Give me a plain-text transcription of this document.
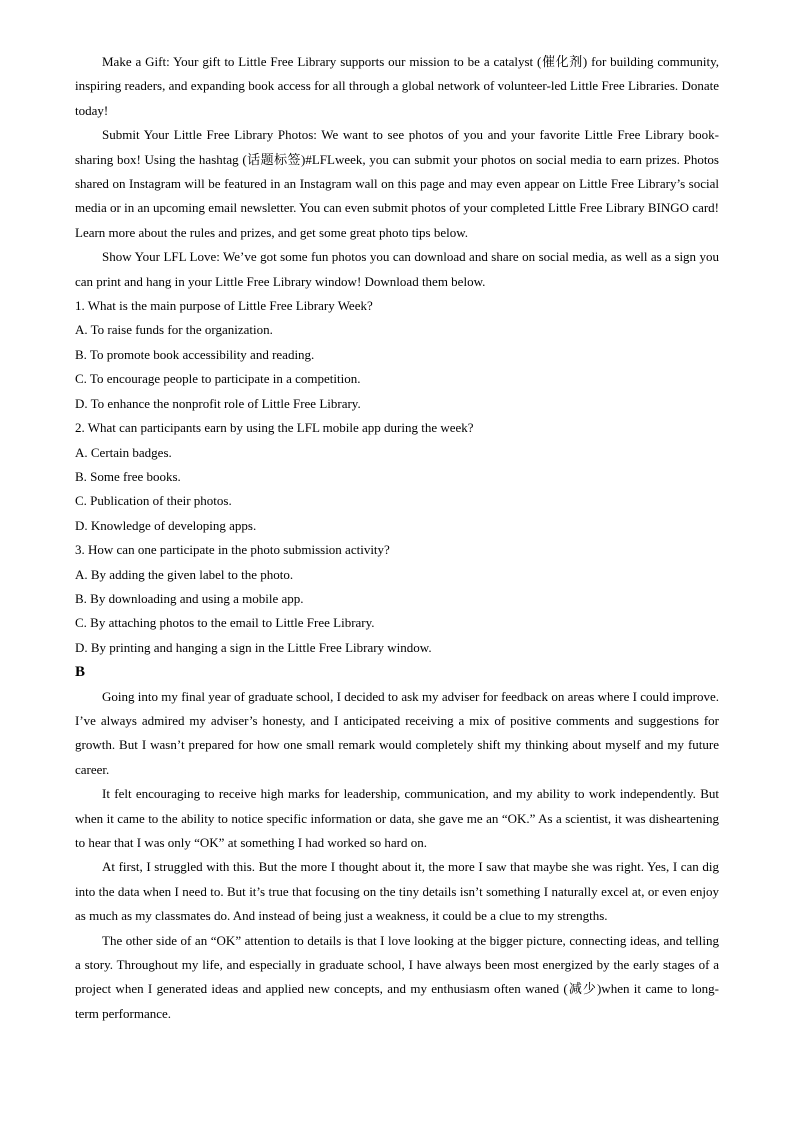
Make a Gift: Your gift to Little Free Library supports our mission to be a catalyst (催化剂) for building community, inspiring readers, and expanding book access for all through a global network of volunteer-led Little Free Libraries. Donate today!

Submit Your Little Free Library Photos: We want to see photos of you and your favorite Little Free Library book-sharing box! Using the hashtag (话题标签)#LFLweek, you can submit your photos on social media to earn prizes. Photos shared on Instagram will be featured in an Instagram wall on this page and may even appear on Little Free Library’s social media or in an upcoming email newsletter. You can even submit photos of your completed Little Free Library BINGO card! Learn more about the rules and prizes, and get some great photo tips below.

Show Your LFL Love: We’ve got some fun photos you can download and share on social media, as well as a sign you can print and hang in your Little Free Library window! Download them below.

1. What is the main purpose of Little Free Library Week?

A. To raise funds for the organization.

B. To promote book accessibility and reading.

C. To encourage people to participate in a competition.

D. To enhance the nonprofit role of Little Free Library.

2. What can participants earn by using the LFL mobile app during the week?

A. Certain badges.

B. Some free books.

C. Publication of their photos.

D. Knowledge of developing apps.

3. How can one participate in the photo submission activity?

A. By adding the given label to the photo.

B. By downloading and using a mobile app.

C. By attaching photos to the email to Little Free Library.

D. By printing and hanging a sign in the Little Free Library window.

B

Going into my final year of graduate school, I decided to ask my adviser for feedback on areas where I could improve. I’ve always admired my adviser’s honesty, and I anticipated receiving a mix of positive comments and suggestions for growth. But I wasn’t prepared for how one small remark would completely shift my thinking about myself and my future career.

It felt encouraging to receive high marks for leadership, communication, and my ability to work independently. But when it came to the ability to notice specific information or data, she gave me an “OK.” As a scientist, it was disheartening to hear that I was only “OK” at something I had worked so hard on.

At first, I struggled with this. But the more I thought about it, the more I saw that maybe she was right. Yes, I can dig into the data when I need to. But it’s true that focusing on the tiny details isn’t something I naturally excel at, or even enjoy as much as my classmates do. And instead of being just a weakness, it could be a clue to my strengths.

The other side of an “OK” attention to details is that I love looking at the bigger picture, connecting ideas, and telling a story. Throughout my life, and especially in graduate school, I have always been most energized by the early stages of a project when I generated ideas and applied new concepts, and my enthusiasm often waned (减少)when it came to long-term performance.
